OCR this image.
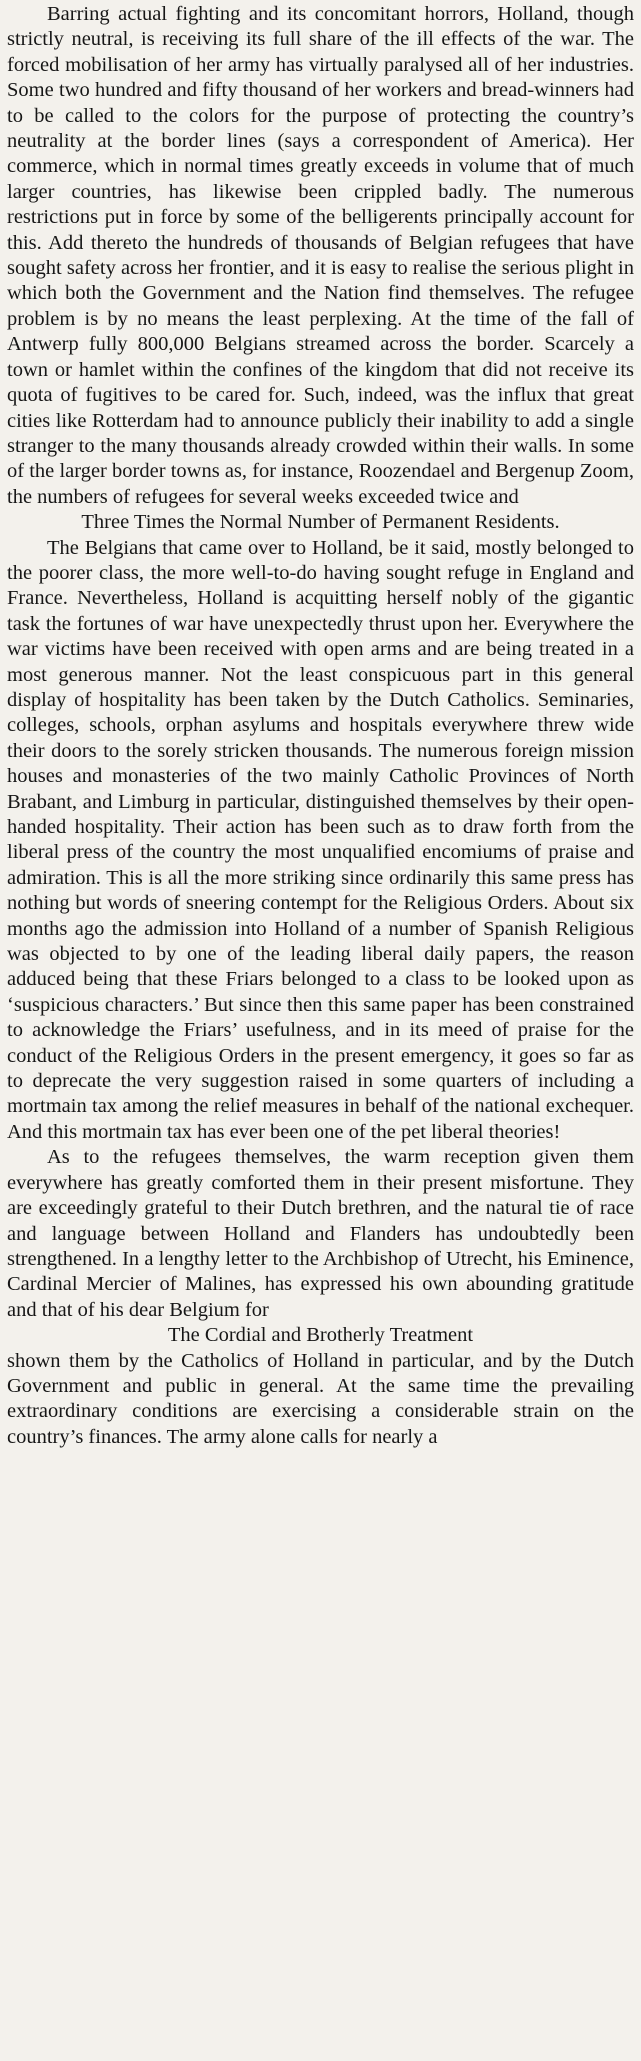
Barring actual fighting and its concomitant horrors, Holland, though strictly neutral, is receiving its full share of the ill effects of the war. The forced mobilisation of her army has virtually paralysed all of her industries. Some two hundred and fifty thousand of her workers and bread-winners had to be called to the colors for the purpose of protecting the country’s neutrality at the border lines (says a correspondent of America). Her commerce, which in normal times greatly exceeds in volume that of much larger countries, has likewise been crippled badly. The numerous restrictions put in force by some of the belligerents principally account for this. Add thereto the hundreds of thousands of Belgian refugees that have sought safety across her frontier, and it is easy to realise the serious plight in which both the Government and the Nation find themselves. The refugee problem is by no means the least perplexing. At the time of the fall of Antwerp fully 800,000 Belgians streamed across the border. Scarcely a town or hamlet within the confines of the kingdom that did not receive its quota of fugitives to be cared for. Such, indeed, was the influx that great cities like Rotterdam had to announce publicly their inability to add a single stranger to the many thousands already crowded within their walls. In some of the larger border towns as, for instance, Roozendael and Bergenup Zoom, the numbers of refugees for several weeks exceeded twice and

Three Times the Normal Number of Permanent Residents.

The Belgians that came over to Holland, be it said, mostly belonged to the poorer class, the more well-to-do having sought refuge in England and France. Nevertheless, Holland is acquitting herself nobly of the gigantic task the fortunes of war have unexpectedly thrust upon her. Everywhere the war victims have been received with open arms and are being treated in a most generous manner. Not the least conspicuous part in this general display of hospitality has been taken by the Dutch Catholics. Seminaries, colleges, schools, orphan asylums and hospitals everywhere threw wide their doors to the sorely stricken thousands. The numerous foreign mission houses and monasteries of the two mainly Catholic Provinces of North Brabant, and Limburg in particular, distinguished themselves by their open-handed hospitality. Their action has been such as to draw forth from the liberal press of the country the most unqualified encomiums of praise and admiration. This is all the more striking since ordinarily this same press has nothing but words of sneering contempt for the Religious Orders. About six months ago the admission into Holland of a number of Spanish Religious was objected to by one of the leading liberal daily papers, the reason adduced being that these Friars belonged to a class to be looked upon as ‘suspicious characters.’ But since then this same paper has been constrained to acknowledge the Friars’ usefulness, and in its meed of praise for the conduct of the Religious Orders in the present emergency, it goes so far as to deprecate the very suggestion raised in some quarters of including a mortmain tax among the relief measures in behalf of the national exchequer. And this mortmain tax has ever been one of the pet liberal theories!

As to the refugees themselves, the warm reception given them everywhere has greatly comforted them in their present misfortune. They are exceedingly grateful to their Dutch brethren, and the natural tie of race and language between Holland and Flanders has undoubtedly been strengthened. In a lengthy letter to the Archbishop of Utrecht, his Eminence, Cardinal Mercier of Malines, has expressed his own abounding gratitude and that of his dear Belgium for

The Cordial and Brotherly Treatment

shown them by the Catholics of Holland in particular, and by the Dutch Government and public in general. At the same time the prevailing extraordinary conditions are exercising a considerable strain on the country’s finances. The army alone calls for nearly a
